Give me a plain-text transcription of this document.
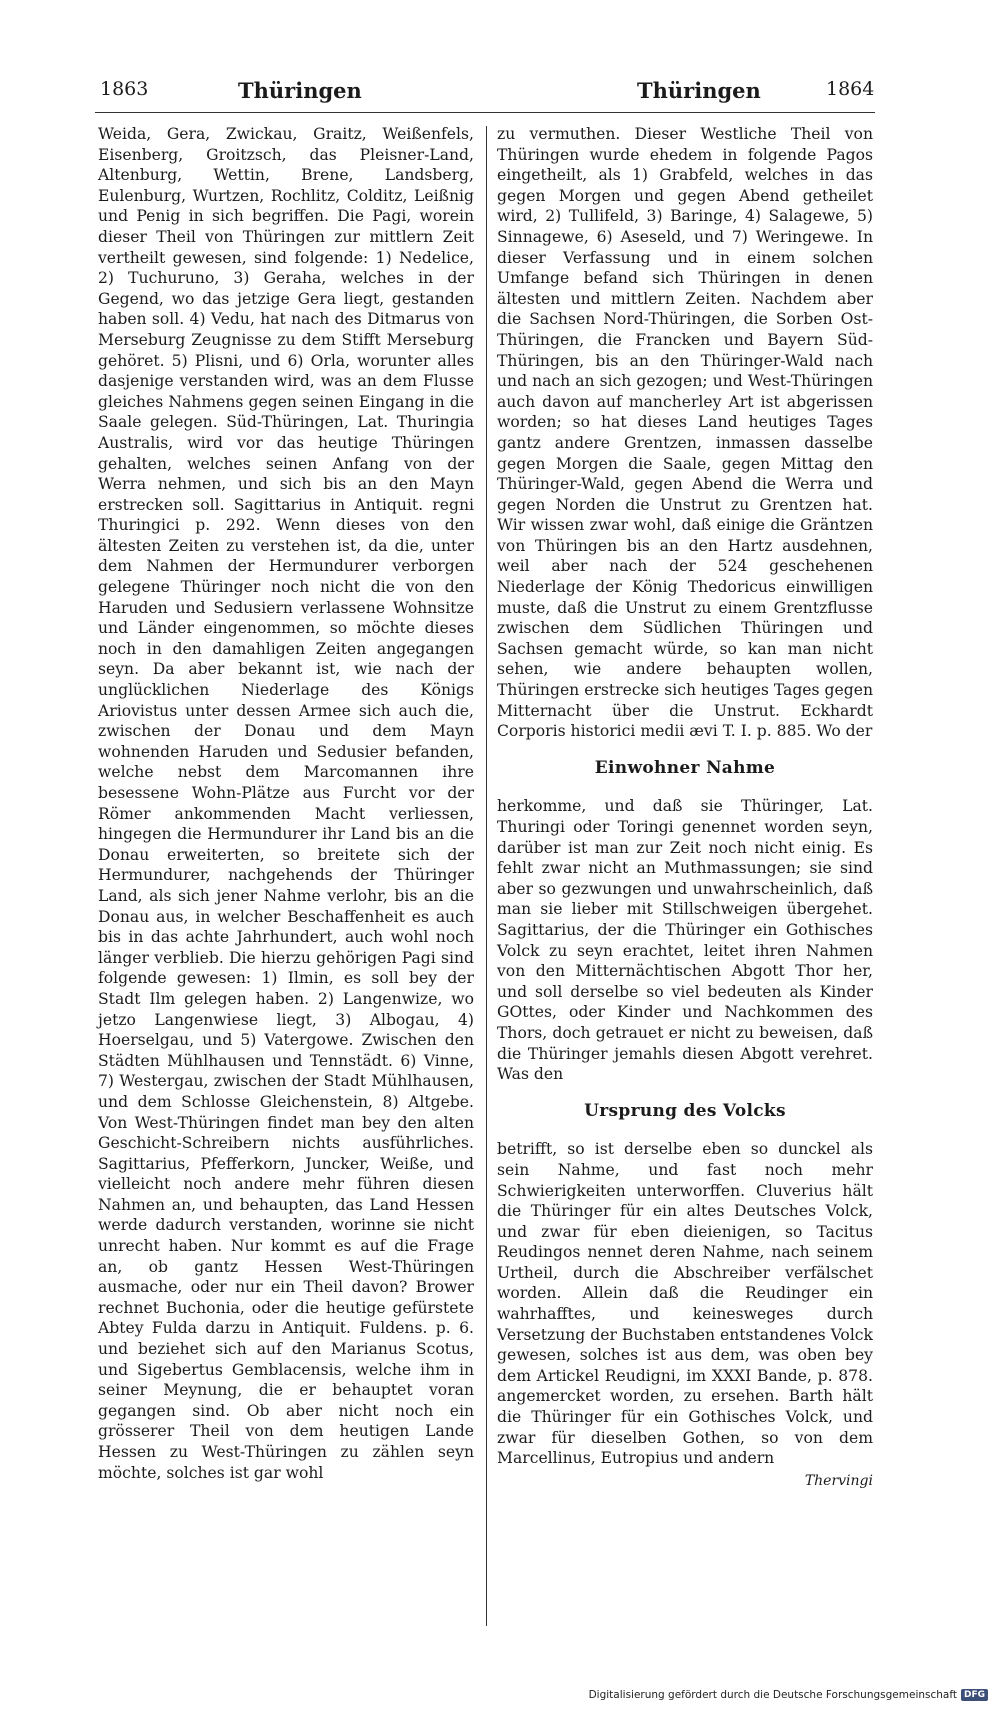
1863	Thüringen	Thüringen	1864

Weida, Gera, Zwickau, Graitz, Weißenfels, Eisenberg, Groitzsch, das Pleisner-Land, Altenburg, Wettin, Brene, Landsberg, Eulenburg, Wurtzen, Rochlitz, Colditz, Leißnig und Penig in sich begriffen. Die Pagi, worein dieser Theil von Thüringen zur mittlern Zeit vertheilt gewesen, sind folgende: 1) Nedelice, 2) Tuchuruno, 3) Geraha, welches in der Gegend, wo das jetzige Gera liegt, gestanden haben soll. 4) Vedu, hat nach des Ditmarus von Merseburg Zeugnisse zu dem Stifft Merseburg gehöret. 5) Plisni, und 6) Orla, worunter alles dasjenige verstanden wird, was an dem Flusse gleiches Nahmens gegen seinen Eingang in die Saale gelegen. Süd-Thüringen, Lat. Thuringia Australis, wird vor das heutige Thüringen gehalten, welches seinen Anfang von der Werra nehmen, und sich bis an den Mayn erstrecken soll. Sagittarius in Antiquit. regni Thuringici p. 292. Wenn dieses von den ältesten Zeiten zu verstehen ist, da die, unter dem Nahmen der Hermundurer verborgen gelegene Thüringer noch nicht die von den Haruden und Sedusiern verlassene Wohnsitze und Länder eingenommen, so möchte dieses noch in den damahligen Zeiten angegangen seyn. Da aber bekannt ist, wie nach der unglücklichen Niederlage des Königs Ariovistus unter dessen Armee sich auch die, zwischen der Donau und dem Mayn wohnenden Haruden und Sedusier befanden, welche nebst dem Marcomannen ihre besessene Wohn-Plätze aus Furcht vor der Römer ankommenden Macht verliessen, hingegen die Hermundurer ihr Land bis an die Donau erweiterten, so breitete sich der Hermundurer, nachgehends der Thüringer Land, als sich jener Nahme verlohr, bis an die Donau aus, in welcher Beschaffenheit es auch bis in das achte Jahrhundert, auch wohl noch länger verblieb. Die hierzu gehörigen Pagi sind folgende gewesen: 1) Ilmin, es soll bey der Stadt Ilm gelegen haben. 2) Langenwize, wo jetzo Langenwiese liegt, 3) Albogau, 4) Hoerselgau, und 5) Vatergowe. Zwischen den Städten Mühlhausen und Tennstädt. 6) Vinne, 7) Westergau, zwischen der Stadt Mühlhausen, und dem Schlosse Gleichenstein, 8) Altgebe. Von West-Thüringen findet man bey den alten Geschicht-Schreibern nichts ausführliches. Sagittarius, Pfefferkorn, Juncker, Weiße, und vielleicht noch andere mehr führen diesen Nahmen an, und behaupten, das Land Hessen werde dadurch verstanden, worinne sie nicht unrecht haben. Nur kommt es auf die Frage an, ob gantz Hessen West-Thüringen ausmache, oder nur ein Theil davon? Brower rechnet Buchonia, oder die heutige gefürstete Abtey Fulda darzu in Antiquit. Fuldens. p. 6. und beziehet sich auf den Marianus Scotus, und Sigebertus Gemblacensis, welche ihm in seiner Meynung, die er behauptet voran gegangen sind. Ob aber nicht noch ein grösserer Theil von dem heutigen Lande Hessen zu West-Thüringen zu zählen seyn möchte, solches ist gar wohl

zu vermuthen. Dieser Westliche Theil von Thüringen wurde ehedem in folgende Pagos eingetheilt, als 1) Grabfeld, welches in das gegen Morgen und gegen Abend getheilet wird, 2) Tullifeld, 3) Baringe, 4) Salagewe, 5) Sinnagewe, 6) Aseseld, und 7) Weringewe. In dieser Verfassung und in einem solchen Umfange befand sich Thüringen in denen ältesten und mittlern Zeiten. Nachdem aber die Sachsen Nord-Thüringen, die Sorben Ost-Thüringen, die Francken und Bayern Süd-Thüringen, bis an den Thüringer-Wald nach und nach an sich gezogen; und West-Thüringen auch davon auf mancherley Art ist abgerissen worden; so hat dieses Land heutiges Tages gantz andere Grentzen, inmassen dasselbe gegen Morgen die Saale, gegen Mittag den Thüringer-Wald, gegen Abend die Werra und gegen Norden die Unstrut zu Grentzen hat. Wir wissen zwar wohl, daß einige die Gräntzen von Thüringen bis an den Hartz ausdehnen, weil aber nach der 524 geschehenen Niederlage der König Thedoricus einwilligen muste, daß die Unstrut zu einem Grentzflusse zwischen dem Südlichen Thüringen und Sachsen gemacht würde, so kan man nicht sehen, wie andere behaupten wollen, Thüringen erstrecke sich heutiges Tages gegen Mitternacht über die Unstrut. Eckhardt Corporis historici medii ævi T. I. p. 885. Wo der

Einwohner Nahme

herkomme, und daß sie Thüringer, Lat. Thuringi oder Toringi genennet worden seyn, darüber ist man zur Zeit noch nicht einig. Es fehlt zwar nicht an Muthmassungen; sie sind aber so gezwungen und unwahrscheinlich, daß man sie lieber mit Stillschweigen übergehet. Sagittarius, der die Thüringer ein Gothisches Volck zu seyn erachtet, leitet ihren Nahmen von den Mitternächtischen Abgott Thor her, und soll derselbe so viel bedeuten als Kinder GOttes, oder Kinder und Nachkommen des Thors, doch getrauet er nicht zu beweisen, daß die Thüringer jemahls diesen Abgott verehret. Was den

Ursprung des Volcks

betrifft, so ist derselbe eben so dunckel als sein Nahme, und fast noch mehr Schwierigkeiten unterworffen. Cluverius hält die Thüringer für ein altes Deutsches Volck, und zwar für eben dieienigen, so Tacitus Reudingos nennet deren Nahme, nach seinem Urtheil, durch die Abschreiber verfälschet worden. Allein daß die Reudinger ein wahrhafftes, und keinesweges durch Versetzung der Buchstaben entstandenes Volck gewesen, solches ist aus dem, was oben bey dem Artickel Reudigni, im XXXI Bande, p. 878. angemercket worden, zu ersehen. Barth hält die Thüringer für ein Gothisches Volck, und zwar für dieselben Gothen, so von dem Marcellinus, Eutropius und andern

Thervingi
Digitalisierung gefördert durch die Deutsche Forschungsgemeinschaft DFG
